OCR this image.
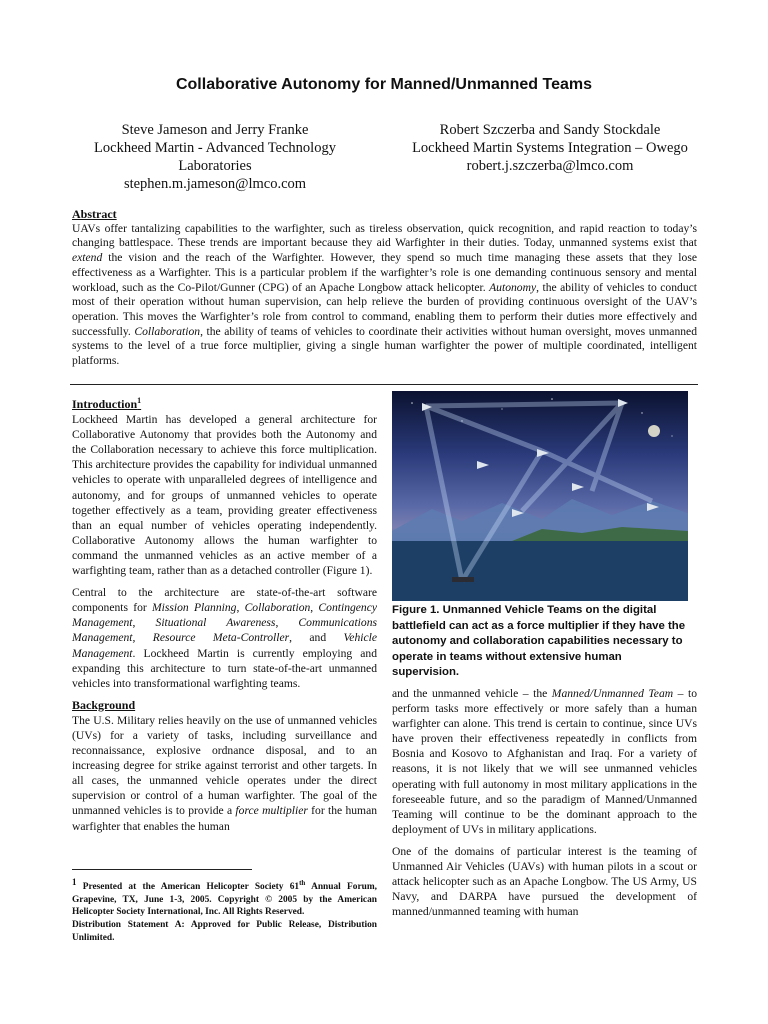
Collaborative Autonomy for Manned/Unmanned Teams
Steve Jameson and Jerry Franke
Lockheed Martin - Advanced Technology
Laboratories
stephen.m.jameson@lmco.com
Robert Szczerba and Sandy Stockdale
Lockheed Martin Systems Integration – Owego
robert.j.szczerba@lmco.com
Abstract
UAVs offer tantalizing capabilities to the warfighter, such as tireless observation, quick recognition, and rapid reaction to today’s changing battlespace. These trends are important because they aid Warfighter in their duties. Today, unmanned systems exist that extend the vision and the reach of the Warfighter. However, they spend so much time managing these assets that they lose effectiveness as a Warfighter. This is a particular problem if the warfighter’s role is one demanding continuous sensory and mental workload, such as the Co-Pilot/Gunner (CPG) of an Apache Longbow attack helicopter. Autonomy, the ability of vehicles to conduct most of their operation without human supervision, can help relieve the burden of providing continuous oversight of the UAV’s operation. This moves the Warfighter’s role from control to command, enabling them to perform their duties more effectively and successfully. Collaboration, the ability of teams of vehicles to coordinate their activities without human oversight, moves unmanned systems to the level of a true force multiplier, giving a single human warfighter the power of multiple coordinated, intelligent platforms.
Introduction$^1$

Lockheed Martin has developed a general architecture for Collaborative Autonomy that provides both the Autonomy and the Collaboration necessary to achieve this force multiplication. This architecture provides the capability for individual unmanned vehicles to operate with unparalleled degrees of intelligence and autonomy, and for groups of unmanned vehicles to operate together effectively as a team, providing greater effectiveness than an equal number of vehicles operating independently. Collaborative Autonomy allows the human warfighter to command the unmanned vehicles as an active member of a warfighting team, rather than as a detached controller (Figure 1).

Central to the architecture are state-of-the-art software components for Mission Planning, Collaboration, Contingency Management, Situational Awareness, Communications Management, Resource Meta-Controller, and Vehicle Management. Lockheed Martin is currently employing and expanding this architecture to turn state-of-the-art unmanned vehicles into transformational warfighting teams.

Background

The U.S. Military relies heavily on the use of unmanned vehicles (UVs) for a variety of tasks, including surveillance and reconnaissance, explosive ordnance disposal, and to an increasing degree for strike against terrorist and other targets. In all cases, the unmanned vehicle operates under the direct supervision or control of a human warfighter. The goal of the unmanned vehicles is to provide a force multiplier for the human warfighter that enables the human

$^1$ Presented at the American Helicopter Society 61th Annual Forum, Grapevine, TX, June 1-3, 2005. Copyright © 2005 by the American Helicopter Society International, Inc. All Rights Reserved.
Distribution Statement A: Approved for Public Release, Distribution Unlimited.
Figure 1. Unmanned Vehicle Teams on the digital battlefield can act as a force multiplier if they have the autonomy and collaboration capabilities necessary to operate in teams without extensive human supervision.

and the unmanned vehicle – the Manned/Unmanned Team – to perform tasks more effectively or more safely than a human warfighter can alone. This trend is certain to continue, since UVs have proven their effectiveness repeatedly in conflicts from Bosnia and Kosovo to Afghanistan and Iraq. For a variety of reasons, it is not likely that we will see unmanned vehicles operating with full autonomy in most military applications in the foreseeable future, and so the paradigm of Manned/Unmanned Teaming will continue to be the dominant approach to the deployment of UVs in military applications.

One of the domains of particular interest is the teaming of Unmanned Air Vehicles (UAVs) with human pilots in a scout or attack helicopter such as an Apache Longbow. The US Army, US Navy, and DARPA have pursued the development of manned/unmanned teaming with human
